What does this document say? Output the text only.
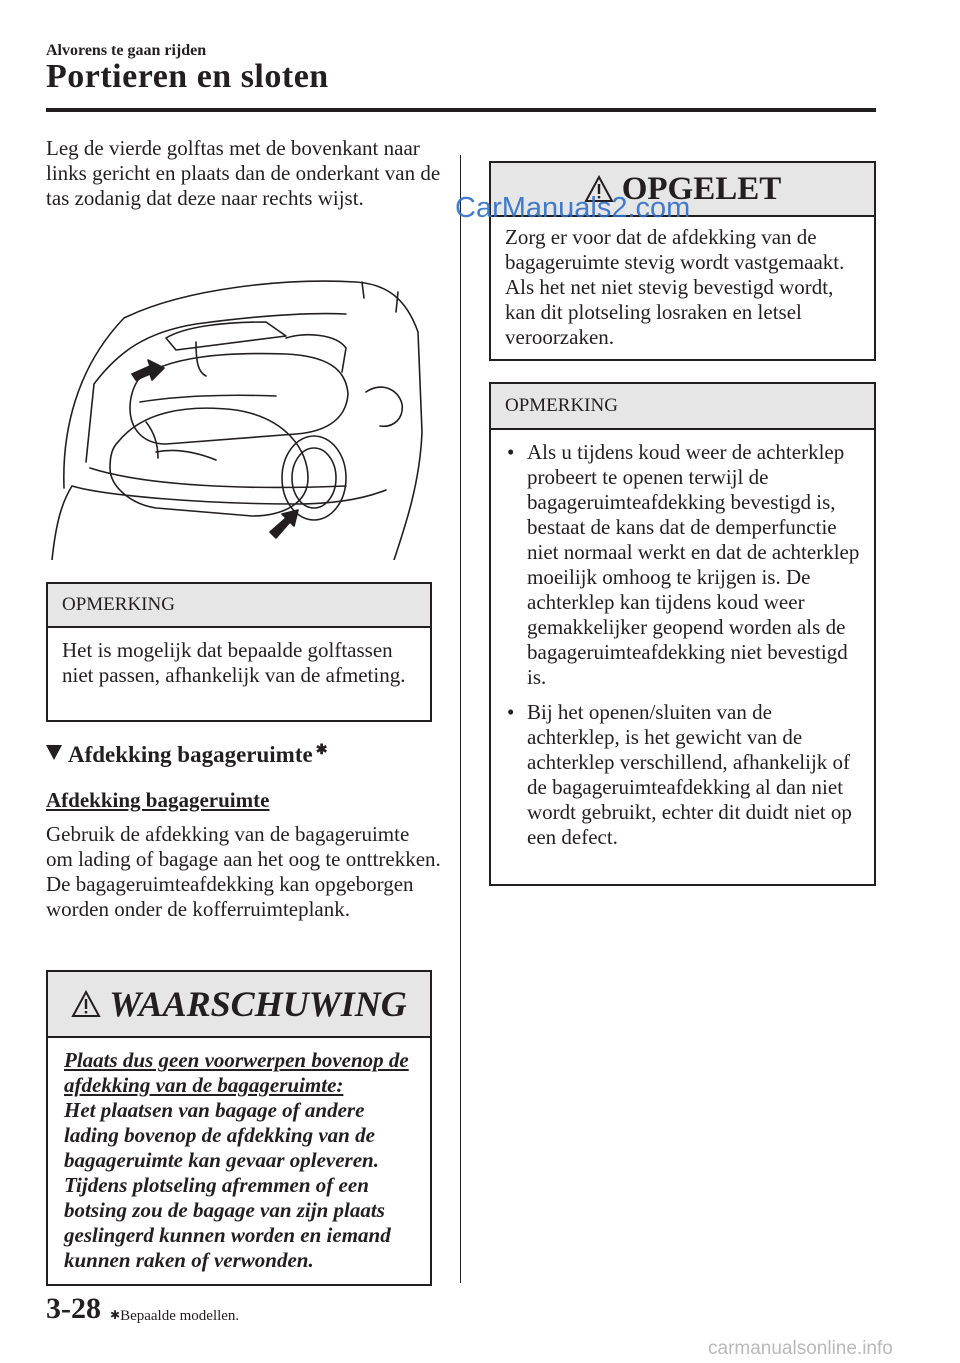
Alvorens te gaan rijden
Portieren en sloten
Leg de vierde golftas met de bovenkant naar links gericht en plaats dan de onderkant van de tas zodanig dat deze naar rechts wijst.
OPMERKING
Het is mogelijk dat bepaalde golftassen niet passen, afhankelijk van de afmeting.
Afdekking bagageruimte ✱
Afdekking bagageruimte
Gebruik de afdekking van de bagageruimte om lading of bagage aan het oog te onttrekken. De bagageruimteafdekking kan opgeborgen worden onder de kofferruimteplank.
WAARSCHUWING
Plaats dus geen voorwerpen bovenop de afdekking van de bagageruimte:
Het plaatsen van bagage of andere lading bovenop de afdekking van de bagageruimte kan gevaar opleveren. Tijdens plotseling afremmen of een botsing zou de bagage van zijn plaats geslingerd kunnen worden en iemand kunnen raken of verwonden.
OPGELET
Zorg er voor dat de afdekking van de bagageruimte stevig wordt vastgemaakt. Als het net niet stevig bevestigd wordt, kan dit plotseling losraken en letsel veroorzaken.
OPMERKING
• Als u tijdens koud weer de achterklep probeert te openen terwijl de bagageruimteafdekking bevestigd is, bestaat de kans dat de demperfunctie niet normaal werkt en dat de achterklep moeilijk omhoog te krijgen is. De achterklep kan tijdens koud weer gemakkelijker geopend worden als de bagageruimteafdekking niet bevestigd is.
• Bij het openen/sluiten van de achterklep, is het gewicht van de achterklep verschillend, afhankelijk of de bagageruimteafdekking al dan niet wordt gebruikt, echter dit duidt niet op een defect.
CarManuals2.com
3-28 ✱Bepaalde modellen.
carmanualsonline.info
